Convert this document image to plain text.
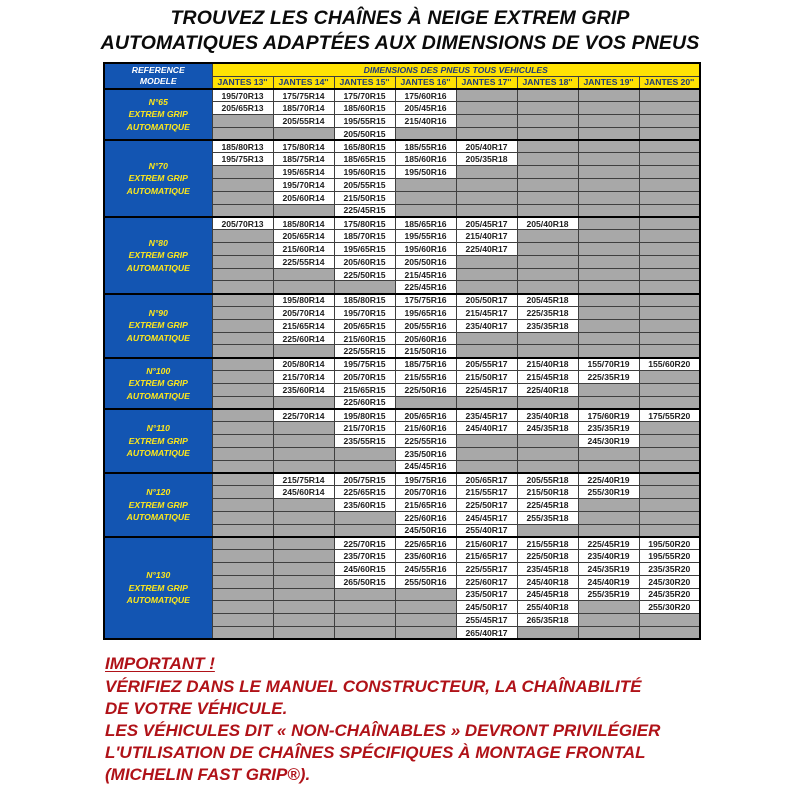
TROUVEZ LES CHAÎNES À NEIGE EXTREM GRIP
AUTOMATIQUES ADAPTÉES AUX DIMENSIONS DE VOS PNEUS
REFERENCE
MODELE	DIMENSIONS DES PNEUS TOUS VEHICULES							
	JANTES 13''	JANTES 14''	JANTES 15''	JANTES 16''	JANTES 17''	JANTES 18''	JANTES 19''	JANTES 20''

N°65
EXTREM GRIP
AUTOMATIQUE	195/70R13	175/75R14	175/70R15	175/60R16				
	205/65R13	185/70R14	185/60R15	205/45R16				
		205/55R14	195/55R15	215/40R16				
			205/50R15					

N°70
EXTREM GRIP
AUTOMATIQUE	185/80R13	175/80R14	165/80R15	185/55R16	205/40R17			
	195/75R13	185/75R14	185/65R15	185/60R16	205/35R18			
		195/65R14	195/60R15	195/50R16				
		195/70R14	205/55R15					
		205/60R14	215/50R15					
			225/45R15					

N°80
EXTREM GRIP
AUTOMATIQUE	205/70R13	185/80R14	175/80R15	185/65R16	205/45R17	205/40R18		
		205/65R14	185/70R15	195/55R16	215/40R17			
		215/60R14	195/65R15	195/60R16	225/40R17			
		225/55R14	205/60R15	205/50R16				
			225/50R15	215/45R16				
				225/45R16				

N°90
EXTREM GRIP
AUTOMATIQUE		195/80R14	185/80R15	175/75R16	205/50R17	205/45R18		
		205/70R14	195/70R15	195/65R16	215/45R17	225/35R18		
		215/65R14	205/65R15	205/55R16	235/40R17	235/35R18		
		225/60R14	215/60R15	205/60R16				
			225/55R15	215/50R16				

N°100
EXTREM GRIP
AUTOMATIQUE		205/80R14	195/75R15	185/75R16	205/55R17	215/40R18	155/70R19	155/60R20
		215/70R14	205/70R15	215/55R16	215/50R17	215/45R18	225/35R19	
		235/60R14	215/65R15	225/50R16	225/45R17	225/40R18		
			225/60R15					

N°110
EXTREM GRIP
AUTOMATIQUE		225/70R14	195/80R15	205/65R16	235/45R17	235/40R18	175/60R19	175/55R20
			215/70R15	215/60R16	245/40R17	245/35R18	235/35R19	
			235/55R15	225/55R16			245/30R19	
				235/50R16				
				245/45R16				

N°120
EXTREM GRIP
AUTOMATIQUE		215/75R14	205/75R15	195/75R16	205/65R17	205/55R18	225/40R19	
		245/60R14	225/65R15	205/70R16	215/55R17	215/50R18	255/30R19	
			235/60R15	215/65R16	225/50R17	225/45R18		
				225/60R16	245/45R17	255/35R18		
				245/50R16	255/40R17			

N°130
EXTREM GRIP
AUTOMATIQUE			225/70R15	225/65R16	215/60R17	215/55R18	225/45R19	195/50R20
			235/70R15	235/60R16	215/65R17	225/50R18	235/40R19	195/55R20
			245/60R15	245/55R16	225/55R17	235/45R18	245/35R19	235/35R20
			265/50R15	255/50R16	225/60R17	245/40R18	245/40R19	245/30R20
					235/50R17	245/45R18	255/35R19	245/35R20
					245/50R17	255/40R18		255/30R20
					255/45R17	265/35R18		
					265/40R17			
IMPORTANT !
VÉRIFIEZ DANS LE MANUEL CONSTRUCTEUR, LA CHAÎNABILITÉ
DE VOTRE VÉHICULE.
LES VÉHICULES DIT « NON-CHAÎNABLES » DEVRONT PRIVILÉGIER
L'UTILISATION DE CHAÎNES SPÉCIFIQUES À MONTAGE FRONTAL
(MICHELIN FAST GRIP®).
